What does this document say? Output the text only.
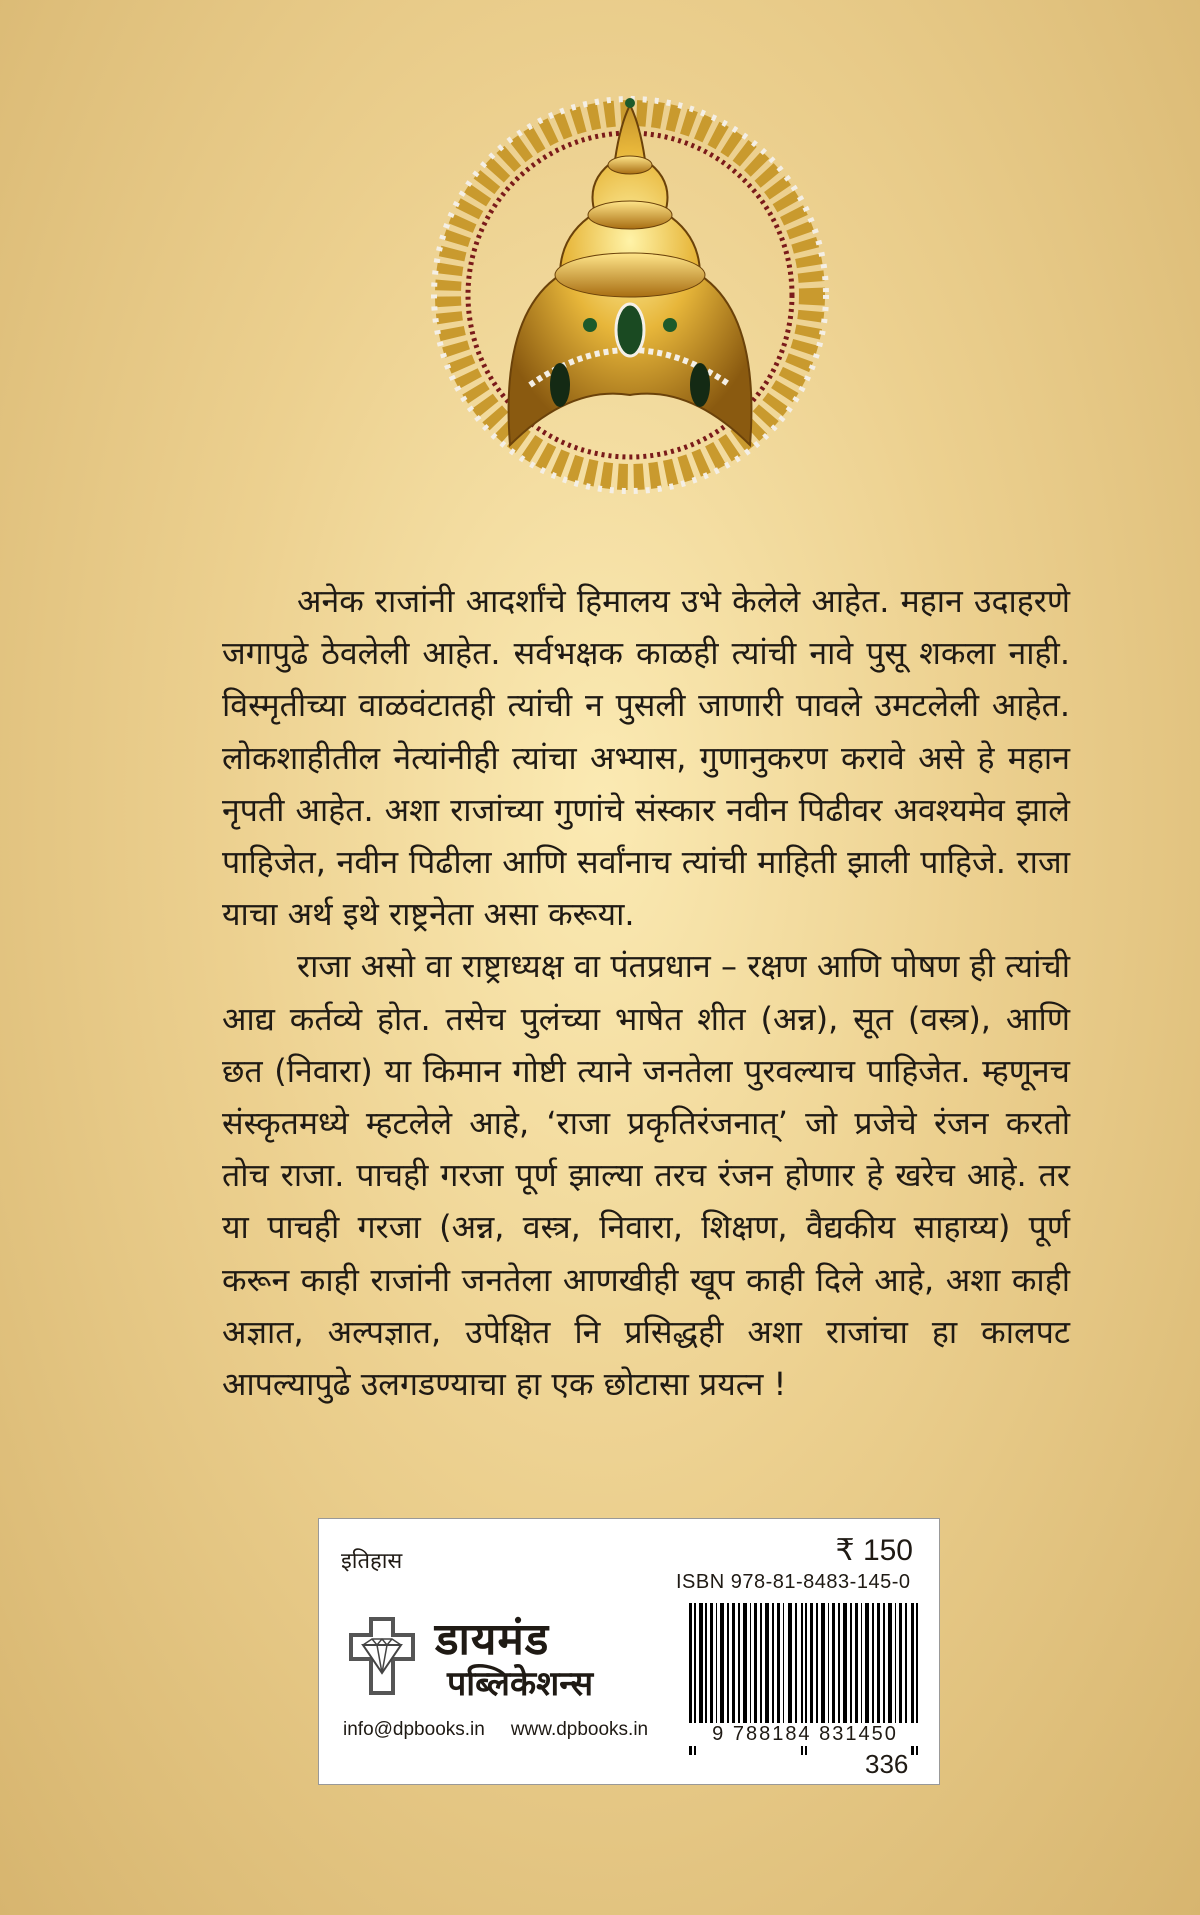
अनेक राजांनी आदर्शांचे हिमालय उभे केलेले आहेत. महान उदाहरणे जगापुढे ठेवलेली आहेत. सर्वभक्षक काळही त्यांची नावे पुसू शकला नाही. विस्मृतीच्या वाळवंटातही त्यांची न पुसली जाणारी पावले उमटलेली आहेत. लोकशाहीतील नेत्यांनीही त्यांचा अभ्यास, गुणानुकरण करावे असे हे महान नृपती आहेत. अशा राजांच्या गुणांचे संस्कार नवीन पिढीवर अवश्यमेव झाले पाहिजेत, नवीन पिढीला आणि सर्वांनाच त्यांची माहिती झाली पाहिजे. राजा याचा अर्थ इथे राष्ट्रनेता असा करूया.

राजा असो वा राष्ट्राध्यक्ष वा पंतप्रधान – रक्षण आणि पोषण ही त्यांची आद्य कर्तव्ये होत. तसेच पुलंच्या भाषेत शीत (अन्न), सूत (वस्त्र), आणि छत (निवारा) या किमान गोष्टी त्याने जनतेला पुरवल्याच पाहिजेत. म्हणूनच संस्कृतमध्ये म्हटलेले आहे, ‘राजा प्रकृतिरंजनात्’ जो प्रजेचे रंजन करतो तोच राजा. पाचही गरजा पूर्ण झाल्या तरच रंजन होणार हे खरेच आहे. तर या पाचही गरजा (अन्न, वस्त्र, निवारा, शिक्षण, वैद्यकीय साहाय्य) पूर्ण करून काही राजांनी जनतेला आणखीही खूप काही दिले आहे, अशा काही अज्ञात, अल्पज्ञात, उपेक्षित नि प्रसिद्धही अशा राजांचा हा कालपट आपल्यापुढे उलगडण्याचा हा एक छोटासा प्रयत्न !

इतिहास	₹ 150
ISBN 978-81-8483-145-0
9 788184 831450
336
डायमंड
पब्लिकेशन्स
info@dpbooks.in www.dpbooks.in
